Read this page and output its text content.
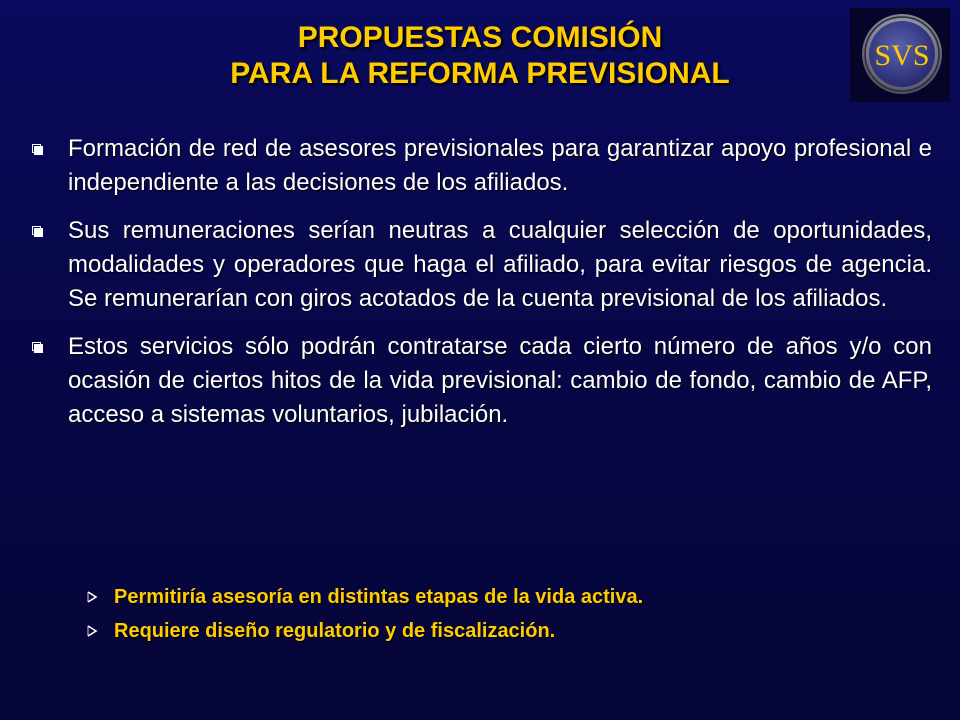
PROPUESTAS COMISIÓN
PARA LA REFORMA PREVISIONAL
SVS
Formación de red de asesores previsionales para garantizar apoyo profesional e independiente a las decisiones de los afiliados.
Sus remuneraciones serían neutras a cualquier selección de oportunidades, modalidades y operadores que haga el afiliado, para evitar riesgos de agencia. Se remunerarían con giros acotados de la cuenta previsional de los afiliados.
Estos servicios sólo podrán contratarse cada cierto número de años y/o con ocasión de ciertos hitos de la vida previsional: cambio de fondo, cambio de AFP, acceso a sistemas voluntarios, jubilación.
Permitiría asesoría en distintas etapas de la vida activa.
Requiere diseño regulatorio y de fiscalización.
